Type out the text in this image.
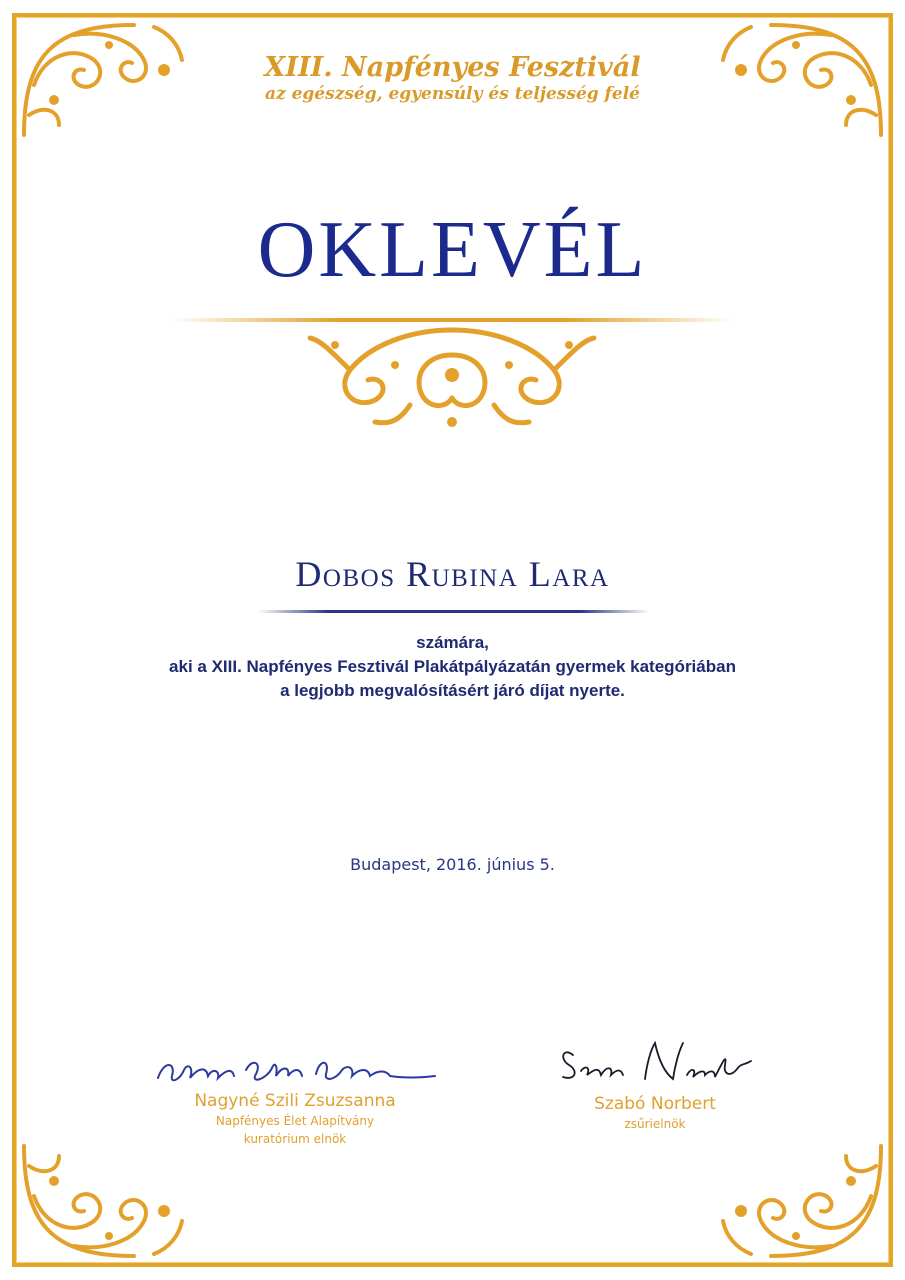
XIII. Napfényes Fesztivál
az egészség, egyensúly és teljesség felé
OKLEVÉL
Dobos Rubina Lara
számára,
aki a XIII. Napfényes Fesztivál Plakátpályázatán gyermek kategóriában
a legjobb megvalósításért járó díjat nyerte.
Budapest, 2016. június 5.
Nagyné Szili Zsuzsanna
Napfényes Élet Alapítvány
kuratórium elnök
Szabó Norbert
zsűrielnök
